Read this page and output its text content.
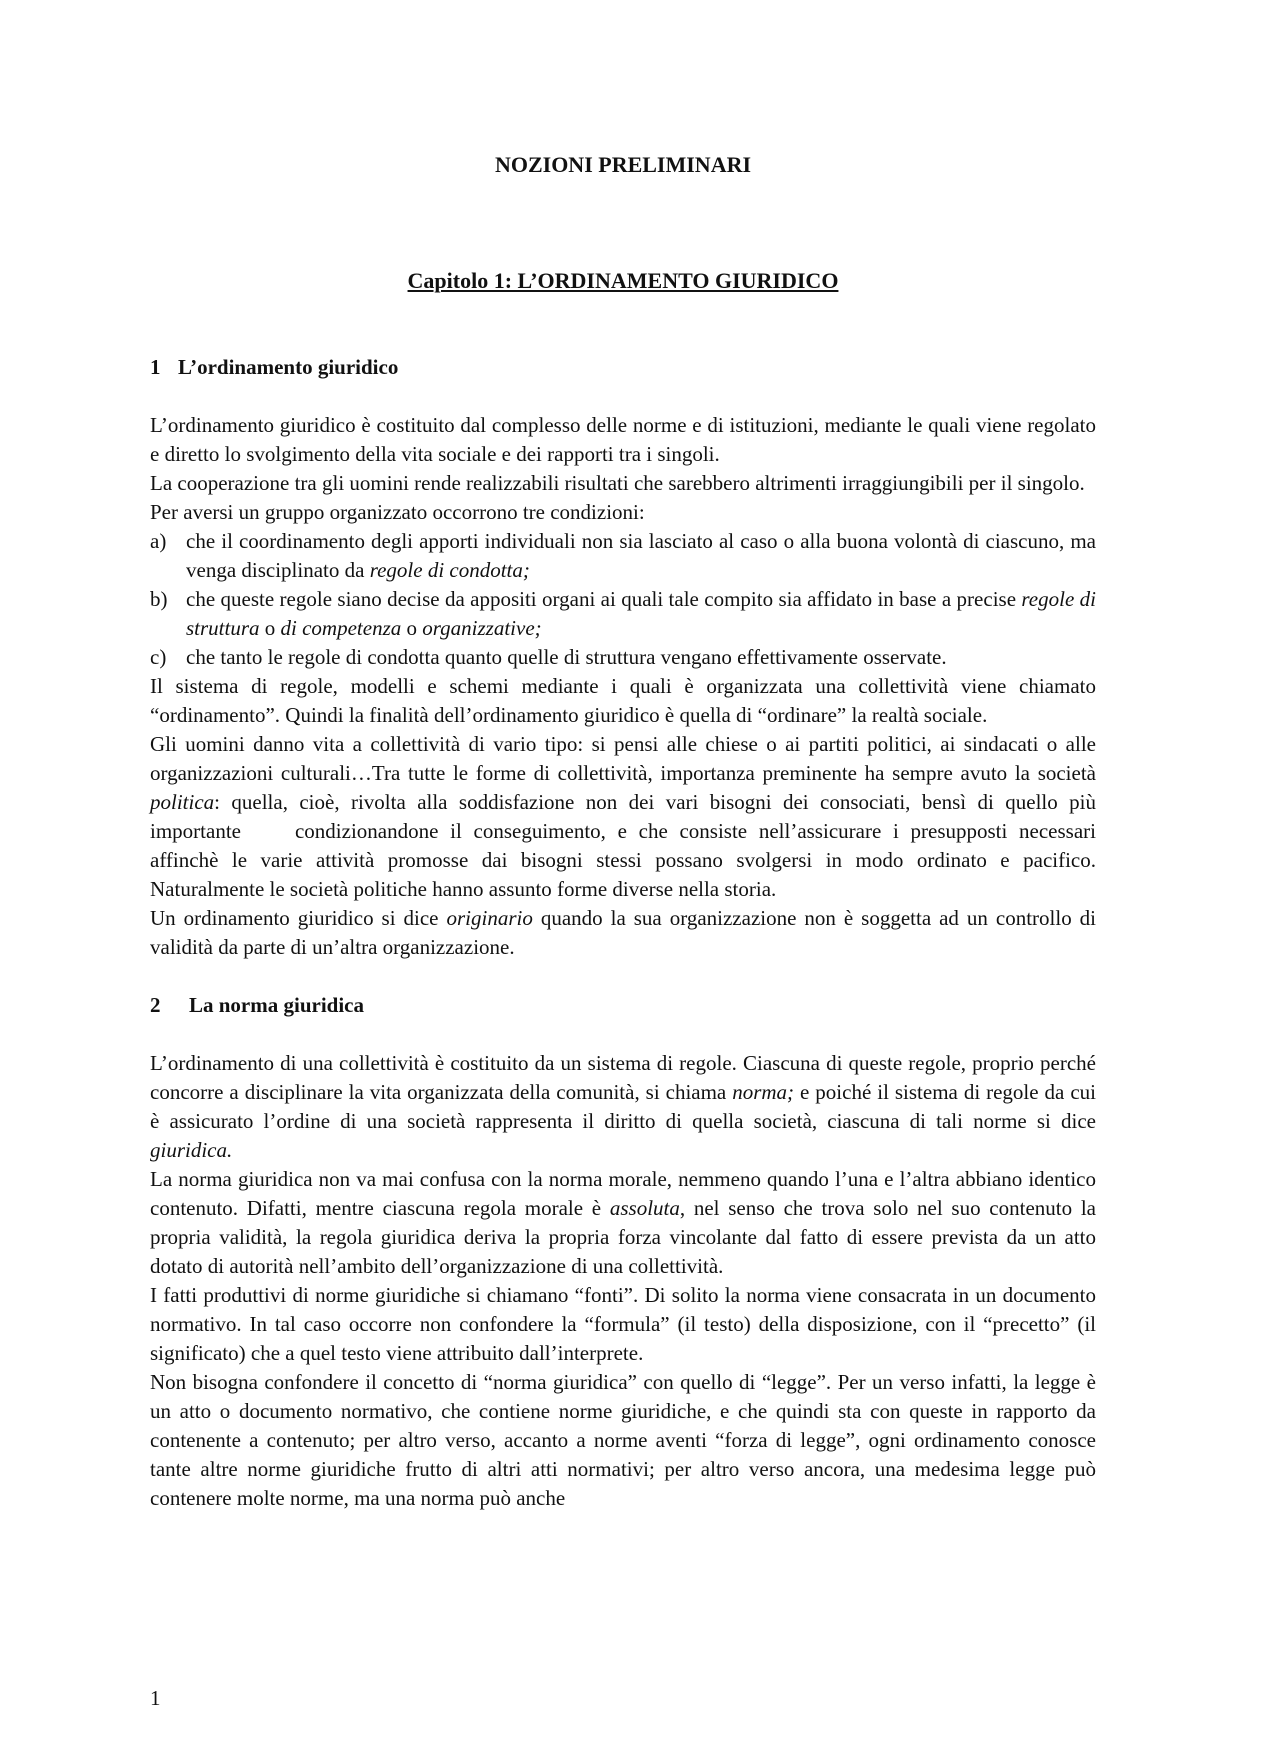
NOZIONI PRELIMINARI
Capitolo 1: L’ORDINAMENTO GIURIDICO
1 L’ordinamento giuridico

L’ordinamento giuridico è costituito dal complesso delle norme e di istituzioni, mediante le quali viene regolato e diretto lo svolgimento della vita sociale e dei rapporti tra i singoli.

La cooperazione tra gli uomini rende realizzabili risultati che sarebbero altrimenti irraggiungibili per il singolo.

Per aversi un gruppo organizzato occorrono tre condizioni:

a) che il coordinamento degli apporti individuali non sia lasciato al caso o alla buona volontà di ciascuno, ma venga disciplinato da regole di condotta;
b) che queste regole siano decise da appositi organi ai quali tale compito sia affidato in base a precise regole di struttura o di competenza o organizzative;
c) che tanto le regole di condotta quanto quelle di struttura vengano effettivamente osservate.

Il sistema di regole, modelli e schemi mediante i quali è organizzata una collettività viene chiamato “ordinamento”. Quindi la finalità dell’ordinamento giuridico è quella di “ordinare” la realtà sociale.

Gli uomini danno vita a collettività di vario tipo: si pensi alle chiese o ai partiti politici, ai sindacati o alle organizzazioni culturali…Tra tutte le forme di collettività, importanza preminente ha sempre avuto la società politica: quella, cioè, rivolta alla soddisfazione non dei vari bisogni dei consociati, bensì di quello più importante	condizionandone il conseguimento, e che consiste nell’assicurare i presupposti necessari affinchè le varie attività promosse dai bisogni stessi possano svolgersi in modo ordinato e pacifico. Naturalmente le società politiche hanno assunto forme diverse nella storia.

Un ordinamento giuridico si dice originario quando la sua organizzazione non è soggetta ad un controllo di validità da parte di un’altra organizzazione.

2 La norma giuridica

L’ordinamento di una collettività è costituito da un sistema di regole. Ciascuna di queste regole, proprio perché concorre a disciplinare la vita organizzata della comunità, si chiama norma; e poiché il sistema di regole da cui è assicurato l’ordine di una società rappresenta il diritto di quella società, ciascuna di tali norme si dice giuridica.

La norma giuridica non va mai confusa con la norma morale, nemmeno quando l’una e l’altra abbiano identico contenuto. Difatti, mentre ciascuna regola morale è assoluta, nel senso che trova solo nel suo contenuto la propria validità, la regola giuridica deriva la propria forza vincolante dal fatto di essere prevista da un atto dotato di autorità nell’ambito dell’organizzazione di una collettività.

I fatti produttivi di norme giuridiche si chiamano “fonti”. Di solito la norma viene consacrata in un documento normativo. In tal caso occorre non confondere la “formula” (il testo) della disposizione, con il “precetto” (il significato) che a quel testo viene attribuito dall’interprete.

Non bisogna confondere il concetto di “norma giuridica” con quello di “legge”. Per un verso infatti, la legge è un atto o documento normativo, che contiene norme giuridiche, e che quindi sta con queste in rapporto da contenente a contenuto; per altro verso, accanto a norme aventi “forza di legge”, ogni ordinamento conosce tante altre norme giuridiche frutto di altri atti normativi; per altro verso ancora, una medesima legge può contenere molte norme, ma una norma può anche

1
